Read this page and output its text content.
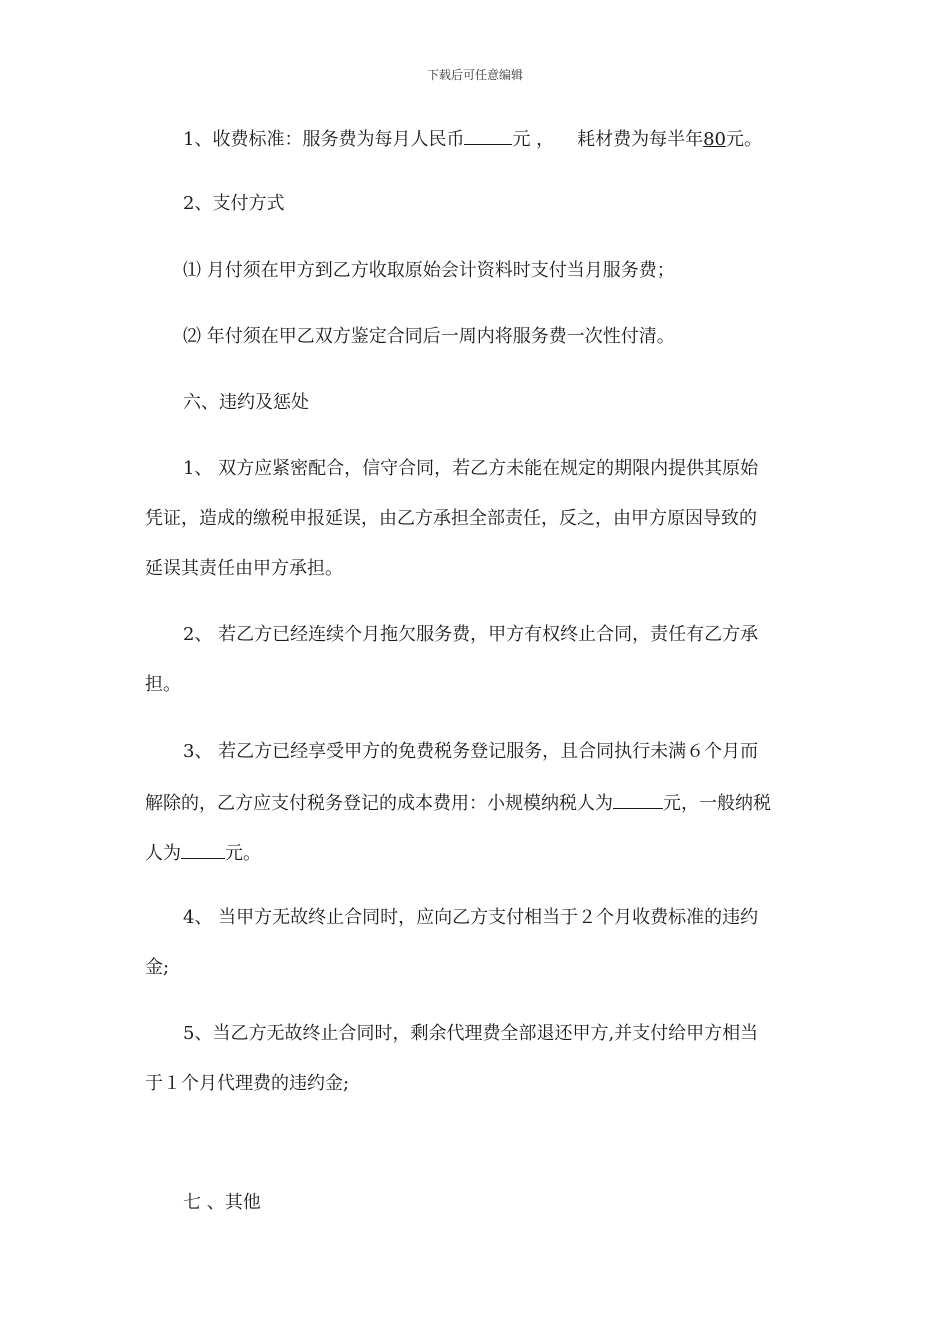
下载后可任意编辑
1、收费标准：服务费为每月人民币	元 ， 耗材费为每半年80元。
2、支付方式
⑴ 月付须在甲方到乙方收取原始会计资料时支付当月服务费；
⑵ 年付须在甲乙双方鉴定合同后一周内将服务费一次性付清。
六、违约及惩处
1、 双方应紧密配合，信守合同，若乙方未能在规定的期限内提供其原始
凭证，造成的缴税申报延误，由乙方承担全部责任，反之，由甲方原因导致的
延误其责任由甲方承担。
2、 若乙方已经连续个月拖欠服务费，甲方有权终止合同，责任有乙方承
担。
3、 若乙方已经享受甲方的免费税务登记服务，且合同执行未满６个月而
解除的，乙方应支付税务登记的成本费用：小规模纳税人为	元，一般纳税
人为 元。
4、 当甲方无故终止合同时，应向乙方支付相当于２个月收费标准的违约
金;
5、当乙方无故终止合同时，剩余代理费全部退还甲方,并支付给甲方相当
于１个月代理费的违约金;
七 、其他
